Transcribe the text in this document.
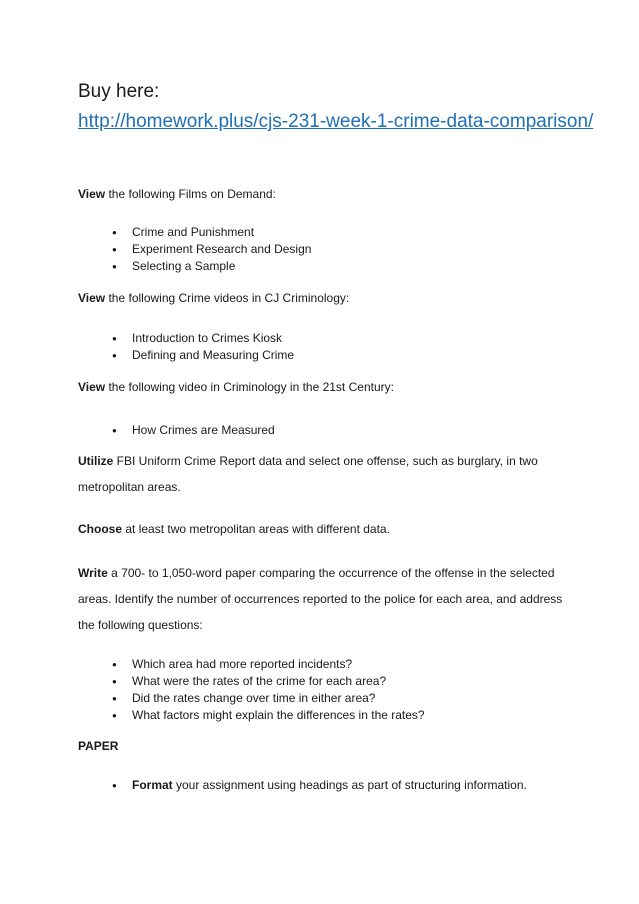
Buy here:
http://homework.plus/cjs-231-week-1-crime-data-comparison/
View the following Films on Demand:
● Crime and Punishment
● Experiment Research and Design
● Selecting a Sample
View the following Crime videos in CJ Criminology:
● Introduction to Crimes Kiosk
● Defining and Measuring Crime
View the following video in Criminology in the 21st Century:
● How Crimes are Measured
Utilize FBI Uniform Crime Report data and select one offense, such as burglary, in two metropolitan areas.
Choose at least two metropolitan areas with different data.
Write a 700- to 1,050-word paper comparing the occurrence of the offense in the selected areas. Identify the number of occurrences reported to the police for each area, and address the following questions:
● Which area had more reported incidents?
● What were the rates of the crime for each area?
● Did the rates change over time in either area?
● What factors might explain the differences in the rates?
PAPER
● Format your assignment using headings as part of structuring information.
